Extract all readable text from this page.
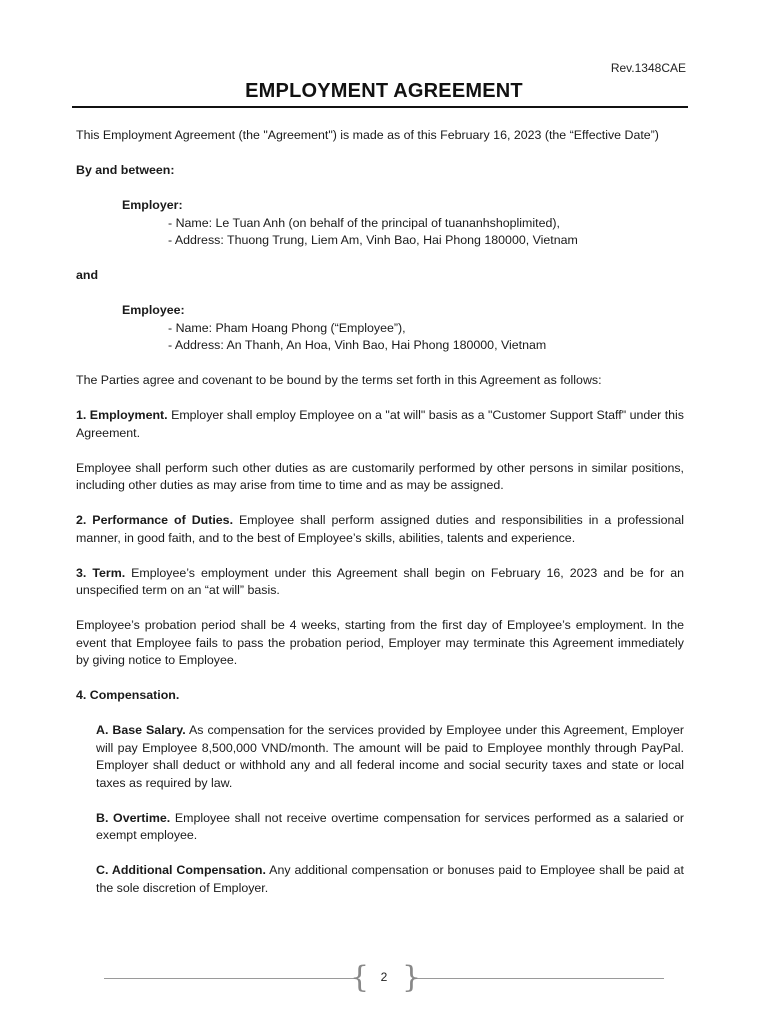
Rev.1348CAE
EMPLOYMENT AGREEMENT

This Employment Agreement (the "Agreement") is made as of this February 16, 2023 (the “Effective Date”)

By and between:

Employer:

- Name: Le Tuan Anh (on behalf of the principal of tuananhshoplimited),

- Address: Thuong Trung, Liem Am, Vinh Bao, Hai Phong 180000, Vietnam

and

Employee:

- Name: Pham Hoang Phong (“Employee”),

- Address: An Thanh, An Hoa, Vinh Bao, Hai Phong 180000, Vietnam

The Parties agree and covenant to be bound by the terms set forth in this Agreement as follows:

1. Employment. Employer shall employ Employee on a "at will" basis as a "Customer Support Staff" under this Agreement.

Employee shall perform such other duties as are customarily performed by other persons in similar positions, including other duties as may arise from time to time and as may be assigned.

2. Performance of Duties. Employee shall perform assigned duties and responsibilities in a professional manner, in good faith, and to the best of Employee’s skills, abilities, talents and experience.

3. Term. Employee’s employment under this Agreement shall begin on February 16, 2023 and be for an unspecified term on an “at will” basis.

Employee’s probation period shall be 4 weeks, starting from the first day of Employee’s employment. In the event that Employee fails to pass the probation period, Employer may terminate this Agreement immediately by giving notice to Employee.

4. Compensation.

A. Base Salary. As compensation for the services provided by Employee under this Agreement, Employer will pay Employee 8,500,000 VND/month. The amount will be paid to Employee monthly through PayPal. Employer shall deduct or withhold any and all federal income and social security taxes and state or local taxes as required by law.

B. Overtime. Employee shall not receive overtime compensation for services performed as a salaried or exempt employee.

C. Additional Compensation. Any additional compensation or bonuses paid to Employee shall be paid at the sole discretion of Employer.

{ }
2
